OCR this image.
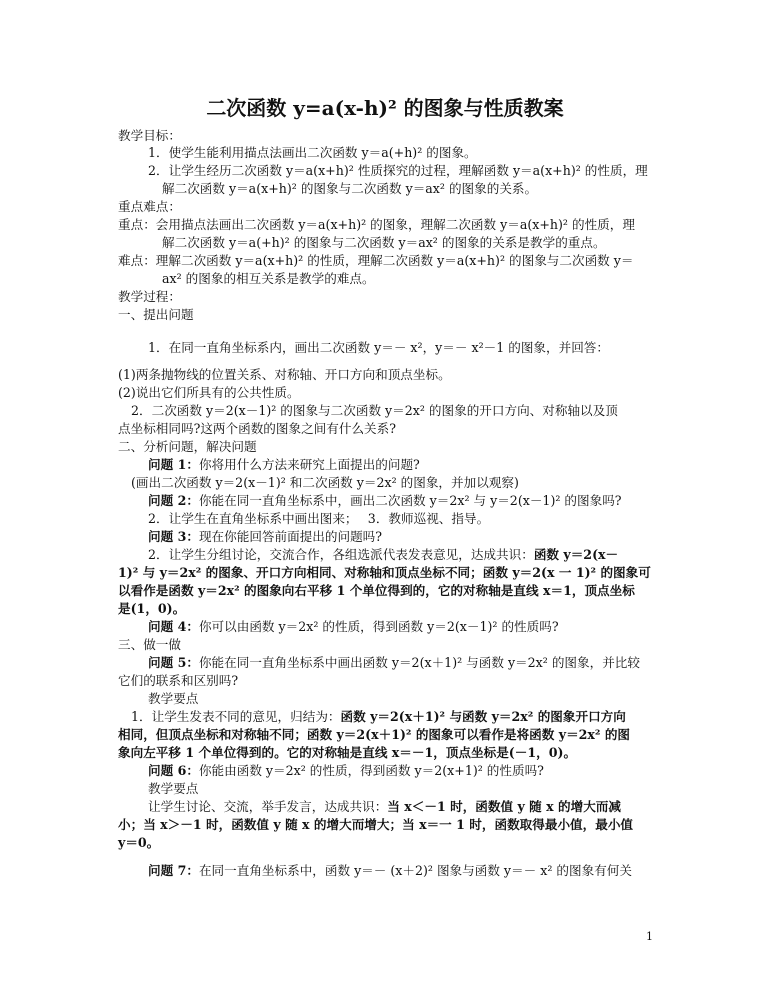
二次函数 y=a(x-h)² 的图象与性质教案
教学目标：
1．使学生能利用描点法画出二次函数 y＝a(+h)² 的图象。
2．让学生经历二次函数 y＝a(x+h)² 性质探究的过程，理解函数 y＝a(x+h)² 的性质，理
解二次函数 y＝a(x+h)² 的图象与二次函数 y＝ax² 的图象的关系。
重点难点：
重点：会用描点法画出二次函数 y＝a(x+h)² 的图象，理解二次函数 y＝a(x+h)² 的性质，理
解二次函数 y＝a(+h)² 的图象与二次函数 y＝ax² 的图象的关系是教学的重点。
难点：理解二次函数 y＝a(x+h)² 的性质，理解二次函数 y＝a(x+h)² 的图象与二次函数 y＝
ax² 的图象的相互关系是教学的难点。
教学过程：
一、提出问题
1．在同一直角坐标系内，画出二次函数 y＝－ x²，y＝－ x²－1 的图象，并回答：
(1)两条抛物线的位置关系、对称轴、开口方向和顶点坐标。
(2)说出它们所具有的公共性质。
2．二次函数 y＝2(x－1)² 的图象与二次函数 y＝2x² 的图象的开口方向、对称轴以及顶
点坐标相同吗?这两个函数的图象之间有什么关系?
二、分析问题，解决问题
问题 1：你将用什么方法来研究上面提出的问题?
(画出二次函数 y＝2(x－1)² 和二次函数 y＝2x² 的图象，并加以观察)
问题 2：你能在同一直角坐标系中，画出二次函数 y＝2x² 与 y＝2(x－1)² 的图象吗?
2．让学生在直角坐标系中画出图来；　 3．教师巡视、指导。
问题 3：现在你能回答前面提出的问题吗?
2．让学生分组讨论，交流合作，各组选派代表发表意见，达成共识：函数 y＝2(x－
1)² 与 y＝2x² 的图象、开口方向相同、对称轴和顶点坐标不同；函数 y＝2(x 一 1)² 的图象可
以看作是函数 y＝2x² 的图象向右平移 1 个单位得到的，它的对称轴是直线 x＝1，顶点坐标
是(1，0)。
问题 4：你可以由函数 y＝2x² 的性质，得到函数 y＝2(x－1)² 的性质吗?
三、做一做
问题 5：你能在同一直角坐标系中画出函数 y＝2(x＋1)² 与函数 y＝2x² 的图象，并比较
它们的联系和区别吗?
教学要点
1．让学生发表不同的意见，归结为：函数 y＝2(x＋1)² 与函数 y＝2x² 的图象开口方向
相同，但顶点坐标和对称轴不同；函数 y＝2(x＋1)² 的图象可以看作是将函数 y＝2x² 的图
象向左平移 1 个单位得到的。它的对称轴是直线 x＝－1，顶点坐标是(－1，0)。
问题 6：你能由函数 y＝2x² 的性质，得到函数 y＝2(x+1)² 的性质吗?
教学要点
让学生讨论、交流，举手发言，达成共识：当 x＜－1 时，函数值 y 随 x 的增大而减
小；当 x＞－1 时，函数值 y 随 x 的增大而增大；当 x＝一 1 时，函数取得最小值，最小值
y＝0。
问题 7：在同一直角坐标系中，函数 y＝－ (x＋2)² 图象与函数 y＝－ x² 的图象有何关
1
